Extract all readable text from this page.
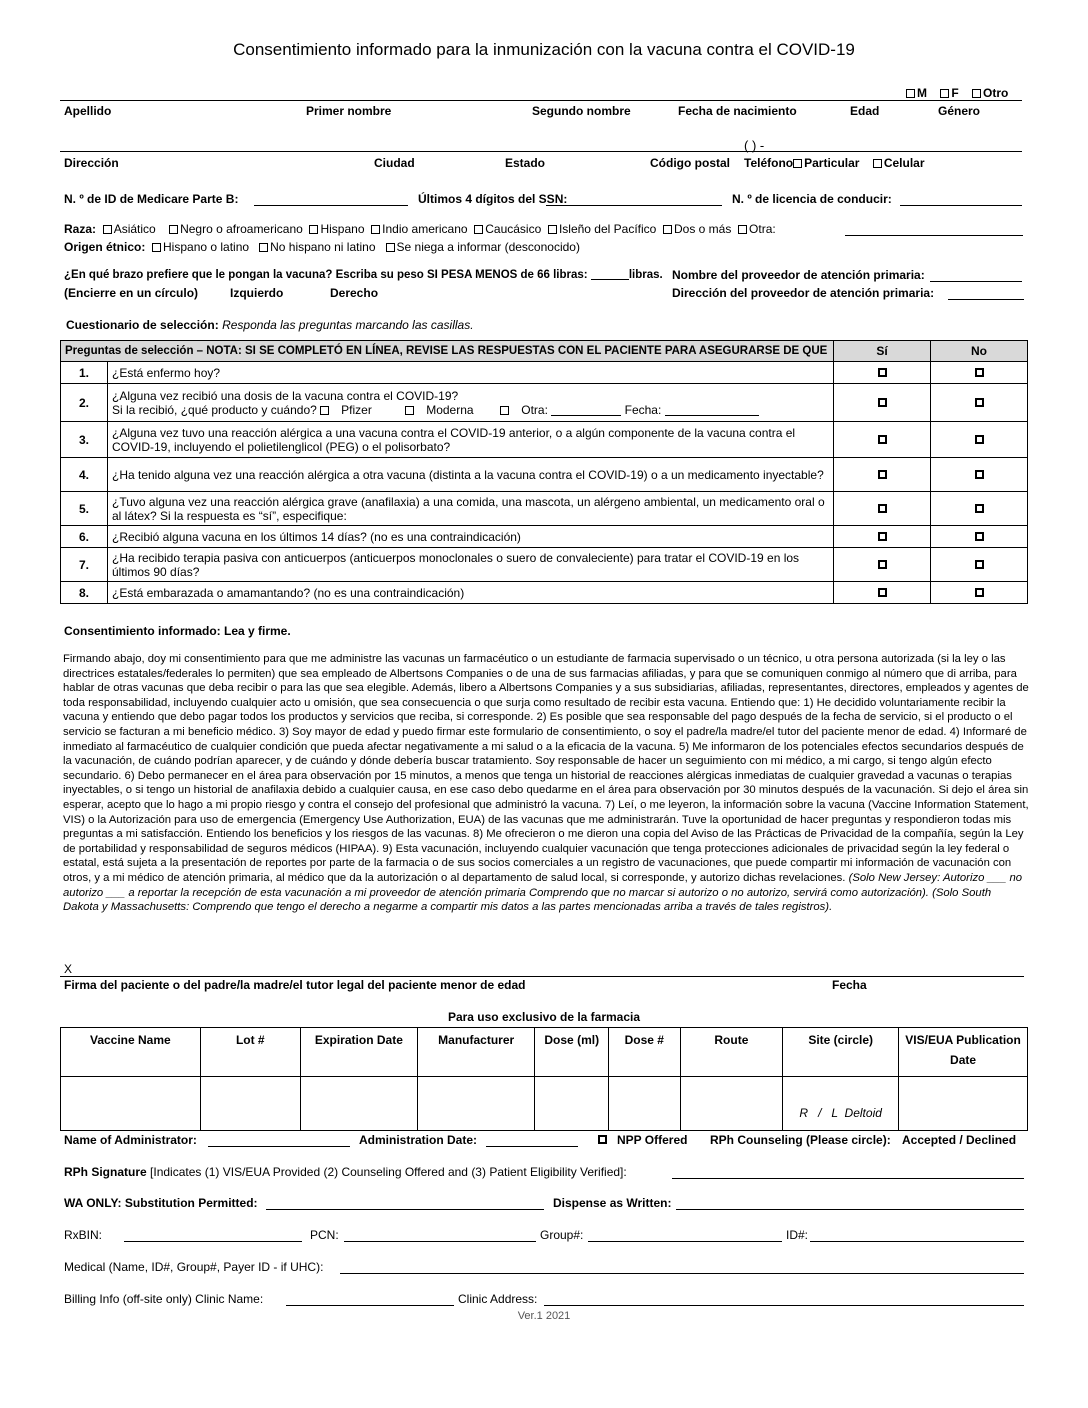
Consentimiento informado para la inmunización con la vacuna contra el COVID-19
M F Otro
Apellido	Primer nombre	Segundo nombre	Fecha de nacimiento	Edad	Género
( ) -
Dirección	Ciudad	Estado	Código postal Teléfono Particular Celular
N. º de ID de Medicare Parte B:	Últimos 4 dígitos del SSN:	N. º de licencia de conducir:
Raza: Asiático Negro o afroamericano Hispano Indio americano Caucásico Isleño del Pacífico Dos o más Otra:
Origen étnico: Hispano o latino No hispano ni latino Se niega a informar (desconocido)
¿En qué brazo prefiere que le pongan la vacuna? Escriba su peso SI PESA MENOS de 66 libras:	libras.
(Encierre en un círculo)	Izquierdo	Derecho
Nombre del proveedor de atención primaria:
Dirección del proveedor de atención primaria:
Cuestionario de selección: Responda las preguntas marcando las casillas.
Preguntas de selección – NOTA: SI SE COMPLETÓ EN LÍNEA, REVISE LAS RESPUESTAS CON EL PACIENTE PARA ASEGURARSE DE QUE		Sí	No
1.	¿Está enfermo hoy?		
2.	¿Alguna vez recibió una dosis de la vacuna contra el COVID-19?
Si la recibió, ¿qué producto y cuándo? Pfizer Moderna Otra: Fecha:		
3.	¿Alguna vez tuvo una reacción alérgica a una vacuna contra el COVID-19 anterior, o a algún componente de la vacuna contra el COVID-19, incluyendo el polietilenglicol (PEG) o el polisorbato?		
4.	¿Ha tenido alguna vez una reacción alérgica a otra vacuna (distinta a la vacuna contra el COVID-19) o a un medicamento inyectable?		
5.	¿Tuvo alguna vez una reacción alérgica grave (anafilaxia) a una comida, una mascota, un alérgeno ambiental, un medicamento oral o al látex? Si la respuesta es “sí”, especifique:		
6.	¿Recibió alguna vacuna en los últimos 14 días? (no es una contraindicación)		
7.	¿Ha recibido terapia pasiva con anticuerpos (anticuerpos monoclonales o suero de convaleciente) para tratar el COVID-19 en los últimos 90 días?		
8.	¿Está embarazada o amamantando? (no es una contraindicación)		
Consentimiento informado: Lea y firme.
Firmando abajo, doy mi consentimiento para que me administre las vacunas un farmacéutico o un estudiante de farmacia supervisado o un técnico, u otra persona autorizada (si la ley o las directrices estatales/federales lo permiten) que sea empleado de Albertsons Companies o de una de sus farmacias afiliadas, y para que se comuniquen conmigo al número que di arriba, para hablar de otras vacunas que deba recibir o para las que sea elegible. Además, libero a Albertsons Companies y a sus subsidiarias, afiliadas, representantes, directores, empleados y agentes de toda responsabilidad, incluyendo cualquier acto u omisión, que sea consecuencia o que surja como resultado de recibir esta vacuna. Entiendo que: 1) He decidido voluntariamente recibir la vacuna y entiendo que debo pagar todos los productos y servicios que reciba, si corresponde. 2) Es posible que sea responsable del pago después de la fecha de servicio, si el producto o el servicio se facturan a mi beneficio médico. 3) Soy mayor de edad y puedo firmar este formulario de consentimiento, o soy el padre/la madre/el tutor del paciente menor de edad. 4) Informaré de inmediato al farmacéutico de cualquier condición que pueda afectar negativamente a mi salud o a la eficacia de la vacuna. 5) Me informaron de los potenciales efectos secundarios después de la vacunación, de cuándo podrían aparecer, y de cuándo y dónde debería buscar tratamiento. Soy responsable de hacer un seguimiento con mi médico, a mi cargo, si tengo algún efecto secundario. 6) Debo permanecer en el área para observación por 15 minutos, a menos que tenga un historial de reacciones alérgicas inmediatas de cualquier gravedad a vacunas o terapias inyectables, o si tengo un historial de anafilaxia debido a cualquier causa, en ese caso debo quedarme en el área para observación por 30 minutos después de la vacunación. Si dejo el área sin esperar, acepto que lo hago a mi propio riesgo y contra el consejo del profesional que administró la vacuna. 7) Leí, o me leyeron, la información sobre la vacuna (Vaccine Information Statement, VIS) o la Autorización para uso de emergencia (Emergency Use Authorization, EUA) de las vacunas que me administrarán. Tuve la oportunidad de hacer preguntas y respondieron todas mis preguntas a mi satisfacción. Entiendo los beneficios y los riesgos de las vacunas. 8) Me ofrecieron o me dieron una copia del Aviso de las Prácticas de Privacidad de la compañía, según la Ley de portabilidad y responsabilidad de seguros médicos (HIPAA). 9) Esta vacunación, incluyendo cualquier vacunación que tenga protecciones adicionales de privacidad según la ley federal o estatal, está sujeta a la presentación de reportes por parte de la farmacia o de sus socios comerciales a un registro de vacunaciones, que puede compartir mi información de vacunación con otros, y a mi médico de atención primaria, al médico que da la autorización o al departamento de salud local, si corresponde, y autorizo dichas revelaciones. (Solo New Jersey: Autorizo ___ no autorizo ___ a reportar la recepción de esta vacunación a mi proveedor de atención primaria Comprendo que no marcar si autorizo o no autorizo, servirá como autorización). (Solo South Dakota y Massachusetts: Comprendo que tengo el derecho a negarme a compartir mis datos a las partes mencionadas arriba a través de tales registros).
X
Firma del paciente o del padre/la madre/el tutor legal del paciente menor de edad	Fecha
Para uso exclusivo de la farmacia
Vaccine Name	Lot #	Expiration Date	Manufacturer	Dose (ml)	Dose #	Route	Site (circle)	VIS/EUA Publication Date
							R   /   L  Deltoid	
Name of Administrator:	Administration Date:	NPP Offered RPh Counseling (Please circle): Accepted / Declined
RPh Signature [Indicates (1) VIS/EUA Provided (2) Counseling Offered and (3) Patient Eligibility Verified]:
WA ONLY: Substitution Permitted:	Dispense as Written:
RxBIN:	PCN:	Group#:	ID#:
Medical (Name, ID#, Group#, Payer ID - if UHC):
Billing Info (off-site only) Clinic Name:	Clinic Address:
Ver.1 2021
